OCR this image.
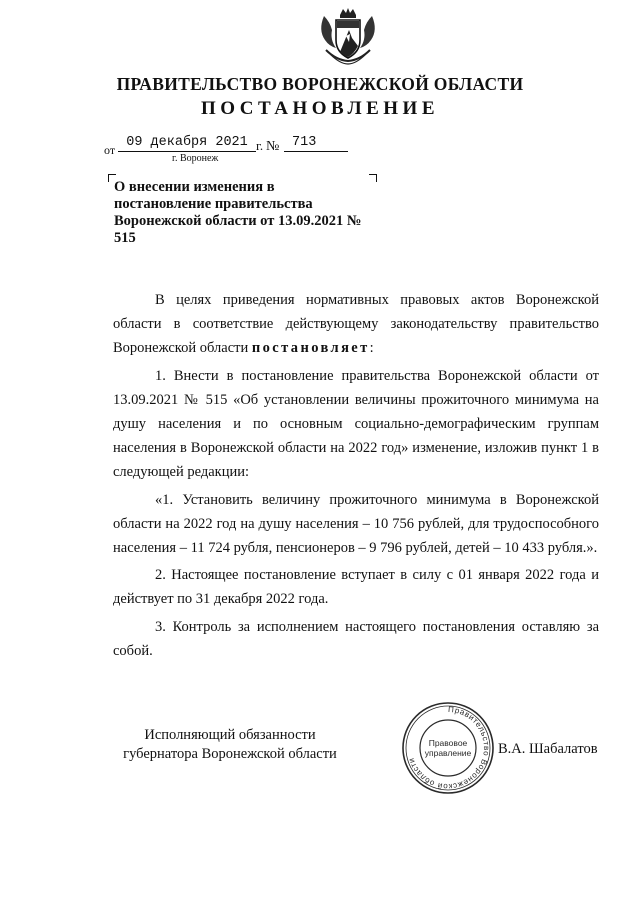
ПРАВИТЕЛЬСТВО ВОРОНЕЖСКОЙ ОБЛАСТИ
ПОСТАНОВЛЕНИЕ
от 09 декабря 2021 г. № 713
г. Воронеж
О внесении изменения в постановление правительства Воронежской области от 13.09.2021 № 515

В целях приведения нормативных правовых актов Воронежской области в соответствие действующему законодательству правительство Воронежской области постановляет:

1. Внести в постановление правительства Воронежской области от 13.09.2021 № 515 «Об установлении величины прожиточного минимума на душу населения и по основным социально-демографическим группам населения в Воронежской области на 2022 год» изменение, изложив пункт 1 в следующей редакции:

«1. Установить величину прожиточного минимума в Воронежской области на 2022 год на душу населения – 10 756 рублей, для трудоспособного населения – 11 724 рубля, пенсионеров – 9 796 рублей, детей – 10 433 рубля.».

2. Настоящее постановление вступает в силу с 01 января 2022 года и действует по 31 декабря 2022 года.

3. Контроль за исполнением настоящего постановления оставляю за собой.

Исполняющий обязанности
губернатора Воронежской области
Правительство Воронежской области
Правовое
управление В.А. Шабалатов
